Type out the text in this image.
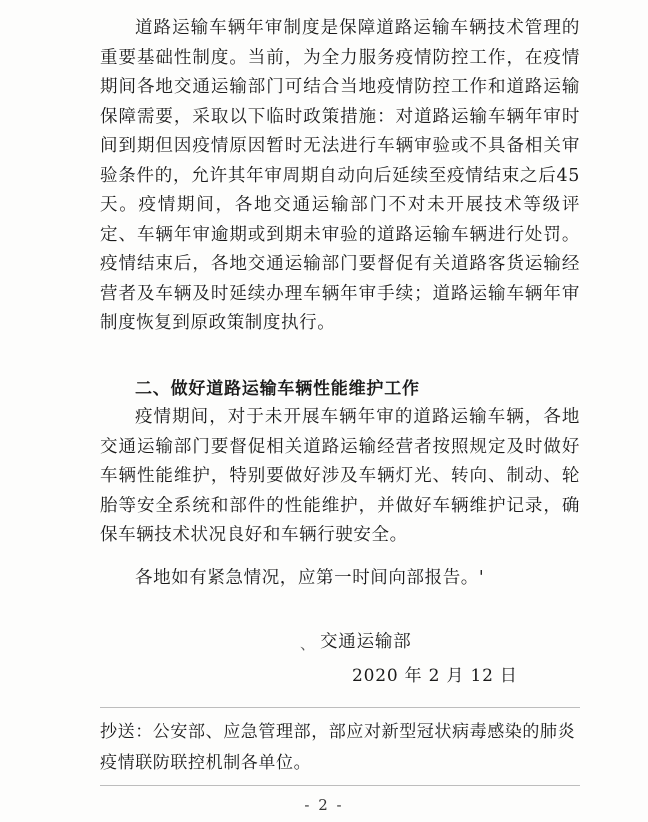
道路运输车辆年审制度是保障道路运输车辆技术管理的重要基础性制度。当前，为全力服务疫情防控工作，在疫情期间各地交通运输部门可结合当地疫情防控工作和道路运输保障需要，采取以下临时政策措施：对道路运输车辆年审时间到期但因疫情原因暂时无法进行车辆审验或不具备相关审验条件的，允许其年审周期自动向后延续至疫情结束之后45天。疫情期间，各地交通运输部门不对未开展技术等级评定、车辆年审逾期或到期未审验的道路运输车辆进行处罚。疫情结束后，各地交通运输部门要督促有关道路客货运输经营者及车辆及时延续办理车辆年审手续；道路运输车辆年审制度恢复到原政策制度执行。

二、做好道路运输车辆性能维护工作

疫情期间，对于未开展车辆年审的道路运输车辆，各地交通运输部门要督促相关道路运输经营者按照规定及时做好车辆性能维护，特别要做好涉及车辆灯光、转向、制动、轮胎等安全系统和部件的性能维护，并做好车辆维护记录，确保车辆技术状况良好和车辆行驶安全。

各地如有紧急情况，应第一时间向部报告。'

、 交通运输部
2020 年 2 月 12 日

抄送：公安部、应急管理部，部应对新型冠状病毒感染的肺炎疫情联防联控机制各单位。

- 2 -
